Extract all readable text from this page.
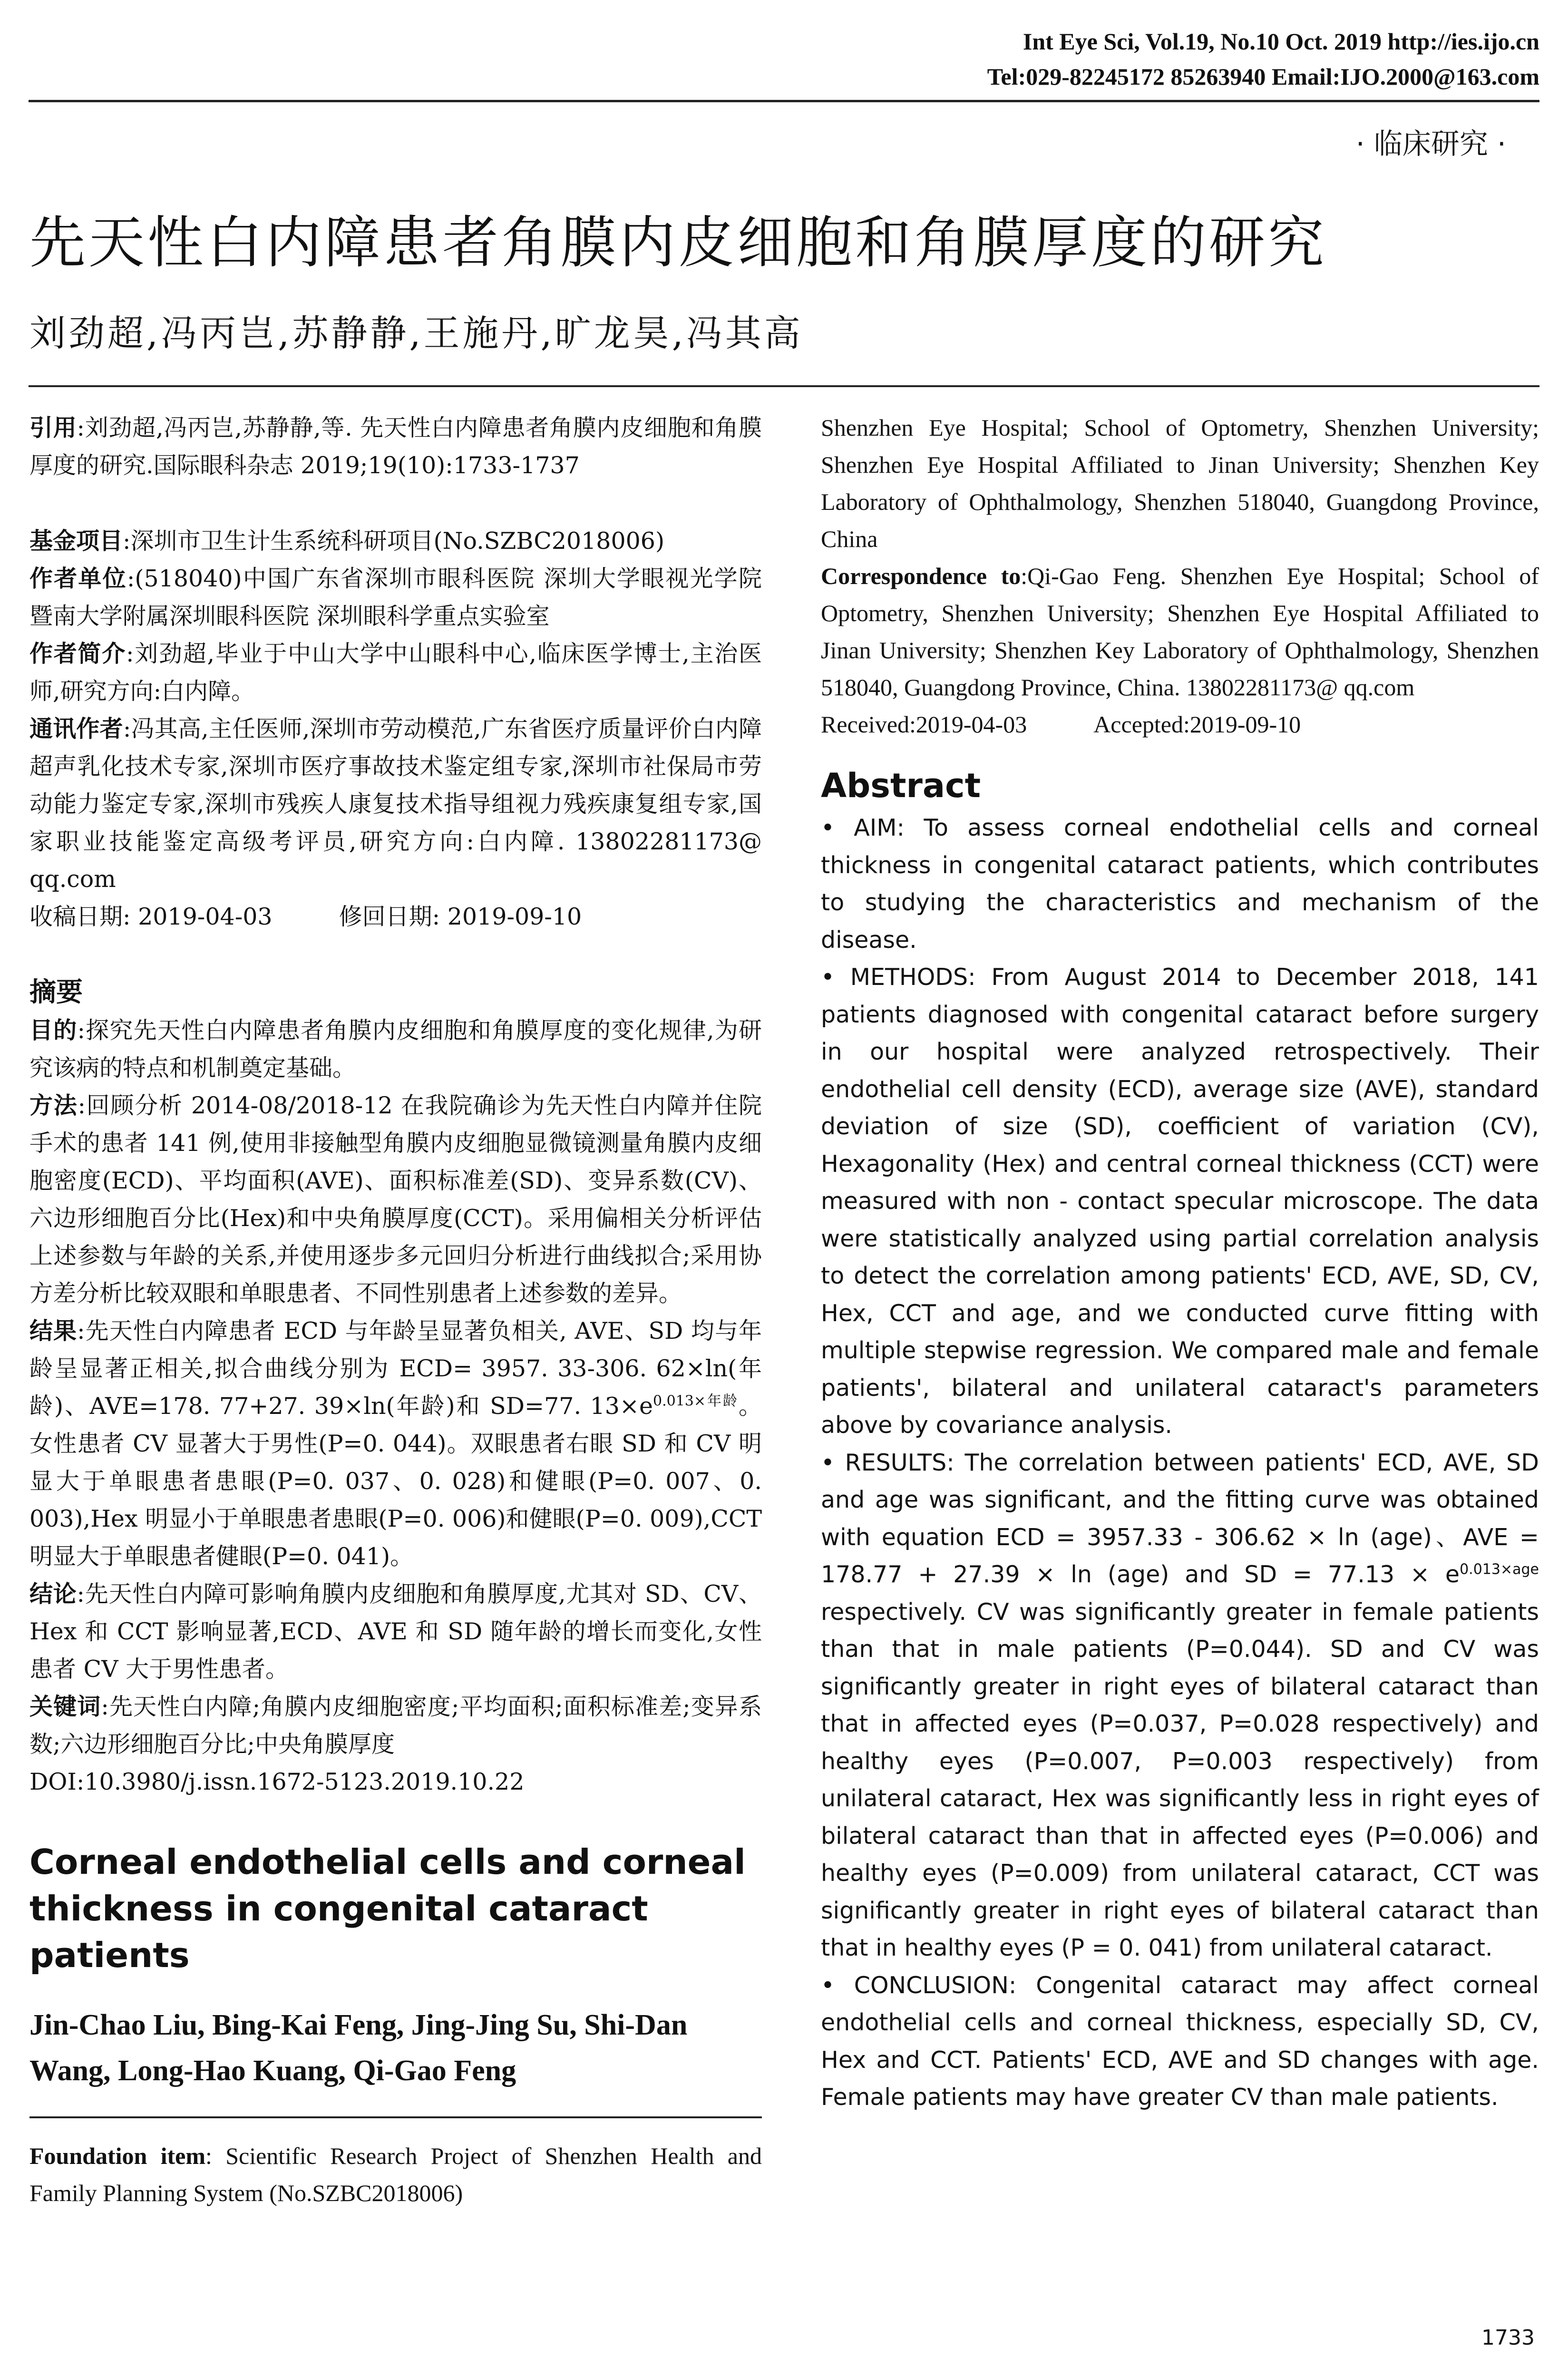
Int Eye Sci, Vol.19, No.10 Oct. 2019 http://ies.ijo.cn
Tel:029-82245172 85263940 Email:IJO.2000@163.com
· 临床研究 ·
先天性白内障患者角膜内皮细胞和角膜厚度的研究
刘劲超,冯丙岂,苏静静,王施丹,旷龙昊,冯其高

引用:刘劲超,冯丙岂,苏静静,等. 先天性白内障患者角膜内皮细胞和角膜厚度的研究.国际眼科杂志 2019;19(10):1733-1737

基金项目:深圳市卫生计生系统科研项目(No.SZBC2018006)

作者单位:(518040)中国广东省深圳市眼科医院 深圳大学眼视光学院 暨南大学附属深圳眼科医院 深圳眼科学重点实验室

作者简介:刘劲超,毕业于中山大学中山眼科中心,临床医学博士,主治医师,研究方向:白内障。

通讯作者:冯其高,主任医师,深圳市劳动模范,广东省医疗质量评价白内障超声乳化技术专家,深圳市医疗事故技术鉴定组专家,深圳市社保局市劳动能力鉴定专家,深圳市残疾人康复技术指导组视力残疾康复组专家,国家职业技能鉴定高级考评员,研究方向:白内障. 13802281173@ qq.com

收稿日期: 2019-04-03	修回日期: 2019-09-10

摘要

目的:探究先天性白内障患者角膜内皮细胞和角膜厚度的变化规律,为研究该病的特点和机制奠定基础。

方法:回顾分析 2014-08/2018-12 在我院确诊为先天性白内障并住院手术的患者 141 例,使用非接触型角膜内皮细胞显微镜测量角膜内皮细胞密度(ECD)、平均面积(AVE)、面积标准差(SD)、变异系数(CV)、六边形细胞百分比(Hex)和中央角膜厚度(CCT)。采用偏相关分析评估上述参数与年龄的关系,并使用逐步多元回归分析进行曲线拟合;采用协方差分析比较双眼和单眼患者、不同性别患者上述参数的差异。

结果:先天性白内障患者 ECD 与年龄呈显著负相关, AVE、SD 均与年龄呈显著正相关,拟合曲线分别为 ECD= 3957. 33-306. 62×ln(年龄)、AVE=178. 77+27. 39×ln(年龄)和 SD=77. $13\times e^{0.013\times 年龄}$。女性患者 CV 显著大于男性(P=0. 044)。双眼患者右眼 SD 和 CV 明显大于单眼患者患眼(P=0. 037、0. 028)和健眼(P=0. 007、0. 003),Hex 明显小于单眼患者患眼(P=0. 006)和健眼(P=0. 009),CCT 明显大于单眼患者健眼(P=0. 041)。

结论:先天性白内障可影响角膜内皮细胞和角膜厚度,尤其对 SD、CV、Hex 和 CCT 影响显著,ECD、AVE 和 SD 随年龄的增长而变化,女性患者 CV 大于男性患者。

关键词:先天性白内障;角膜内皮细胞密度;平均面积;面积标准差;变异系数;六边形细胞百分比;中央角膜厚度

DOI:10.3980/j.issn.1672-5123.2019.10.22

Corneal endothelial cells and corneal thickness in congenital cataract patients

Jin-Chao Liu, Bing-Kai Feng, Jing-Jing Su, Shi-Dan Wang, Long-Hao Kuang, Qi-Gao Feng

Foundation item: Scientific Research Project of Shenzhen Health and Family Planning System (No.SZBC2018006)

Shenzhen Eye Hospital; School of Optometry, Shenzhen University; Shenzhen Eye Hospital Affiliated to Jinan University; Shenzhen Key Laboratory of Ophthalmology, Shenzhen 518040, Guangdong Province, China

Correspondence to:Qi-Gao Feng. Shenzhen Eye Hospital; School of Optometry, Shenzhen University; Shenzhen Eye Hospital Affiliated to Jinan University; Shenzhen Key Laboratory of Ophthalmology, Shenzhen 518040, Guangdong Province, China. 13802281173@ qq.com

Received:2019-04-03	Accepted:2019-09-10

Abstract

• AIM: To assess corneal endothelial cells and corneal thickness in congenital cataract patients, which contributes to studying the characteristics and mechanism of the disease.

• METHODS: From August 2014 to December 2018, 141 patients diagnosed with congenital cataract before surgery in our hospital were analyzed retrospectively. Their endothelial cell density (ECD), average size (AVE), standard deviation of size (SD), coefficient of variation (CV), Hexagonality (Hex) and central corneal thickness (CCT) were measured with non - contact specular microscope. The data were statistically analyzed using partial correlation analysis to detect the correlation among patients' ECD, AVE, SD, CV, Hex, CCT and age, and we conducted curve fitting with multiple stepwise regression. We compared male and female patients', bilateral and unilateral cataract's parameters above by covariance analysis.

• RESULTS: The correlation between patients' ECD, AVE, SD and age was significant, and the fitting curve was obtained with equation ECD = 3957.33 - 306.62 × ln (age)、AVE = 178.77 + 27.39 × ln (age) and SD = $77.13 \times e^{0.013\times age}$ respectively. CV was significantly greater in female patients than that in male patients (P=0.044). SD and CV was significantly greater in right eyes of bilateral cataract than that in affected eyes (P=0.037, P=0.028 respectively) and healthy eyes (P=0.007, P=0.003 respectively) from unilateral cataract, Hex was significantly less in right eyes of bilateral cataract than that in affected eyes (P=0.006) and healthy eyes (P=0.009) from unilateral cataract, CCT was significantly greater in right eyes of bilateral cataract than that in healthy eyes (P = 0. 041) from unilateral cataract.

• CONCLUSION: Congenital cataract may affect corneal endothelial cells and corneal thickness, especially SD, CV, Hex and CCT. Patients' ECD, AVE and SD changes with age. Female patients may have greater CV than male patients.

1733
